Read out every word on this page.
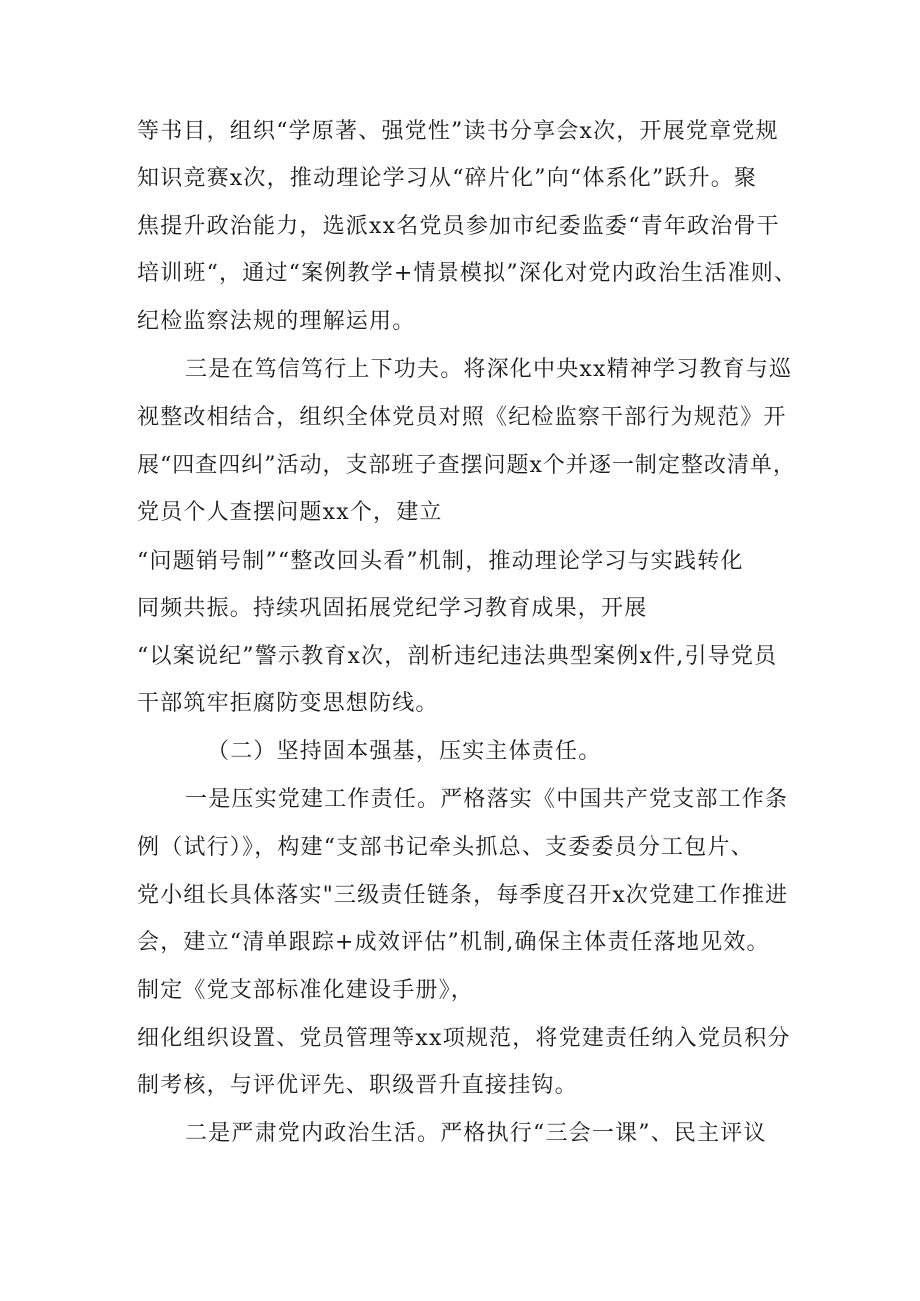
等书目，组织“学原著、强党性”读书分享会x次，开展党章党规
知识竞赛x次，推动理论学习从“碎片化”向“体系化”跃升。聚
焦提升政治能力，选派xx名党员参加市纪委监委“青年政治骨干
培训班“，通过“案例教学+情景模拟”深化对党内政治生活准则、
纪检监察法规的理解运用。
三是在笃信笃行上下功夫。将深化中央xx精神学习教育与巡
视整改相结合，组织全体党员对照《纪检监察干部行为规范》开
展“四查四纠”活动，支部班子查摆问题x个并逐一制定整改清单，
党员个人查摆问题xx个，建立
“问题销号制”“整改回头看”机制，推动理论学习与实践转化
同频共振。持续巩固拓展党纪学习教育成果，开展
“以案说纪”警示教育x次，剖析违纪违法典型案例x件,引导党员
干部筑牢拒腐防变思想防线。
（二）坚持固本强基，压实主体责任。
一是压实党建工作责任。严格落实《中国共产党支部工作条
例（试行）》，构建“支部书记牵头抓总、支委委员分工包片、
党小组长具体落实"三级责任链条，每季度召开x次党建工作推进
会，建立“清单跟踪+成效评估”机制,确保主体责任落地见效。
制定《党支部标准化建设手册》，
细化组织设置、党员管理等xx项规范，将党建责任纳入党员积分
制考核，与评优评先、职级晋升直接挂钩。
二是严肃党内政治生活。严格执行“三会一课”、民主评议
